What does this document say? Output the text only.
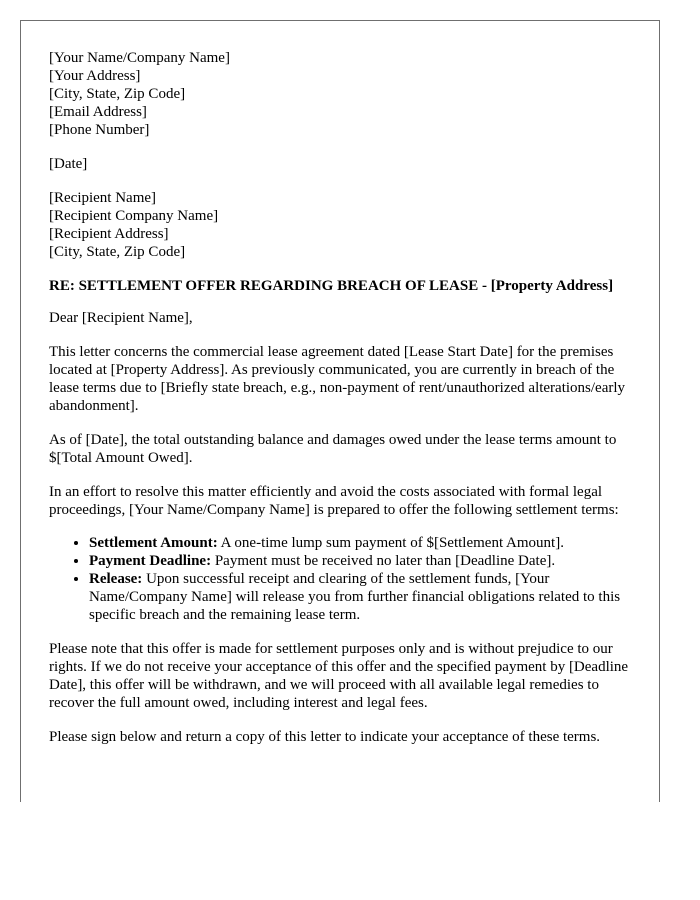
[Your Name/Company Name]
[Your Address]
[City, State, Zip Code]
[Email Address]
[Phone Number]
[Date]
[Recipient Name]
[Recipient Company Name]
[Recipient Address]
[City, State, Zip Code]

RE: SETTLEMENT OFFER REGARDING BREACH OF LEASE - [Property Address]

Dear [Recipient Name],

This letter concerns the commercial lease agreement dated [Lease Start Date] for the premises located at [Property Address]. As previously communicated, you are currently in breach of the lease terms due to [Briefly state breach, e.g., non-payment of rent/unauthorized alterations/early abandonment].

As of [Date], the total outstanding balance and damages owed under the lease terms amount to $[Total Amount Owed].

In an effort to resolve this matter efficiently and avoid the costs associated with formal legal proceedings, [Your Name/Company Name] is prepared to offer the following settlement terms:

• Settlement Amount: A one-time lump sum payment of $[Settlement Amount].
• Payment Deadline: Payment must be received no later than [Deadline Date].
• Release: Upon successful receipt and clearing of the settlement funds, [Your Name/Company Name] will release you from further financial obligations related to this specific breach and the remaining lease term.

Please note that this offer is made for settlement purposes only and is without prejudice to our rights. If we do not receive your acceptance of this offer and the specified payment by [Deadline Date], this offer will be withdrawn, and we will proceed with all available legal remedies to recover the full amount owed, including interest and legal fees.

Please sign below and return a copy of this letter to indicate your acceptance of these terms.
